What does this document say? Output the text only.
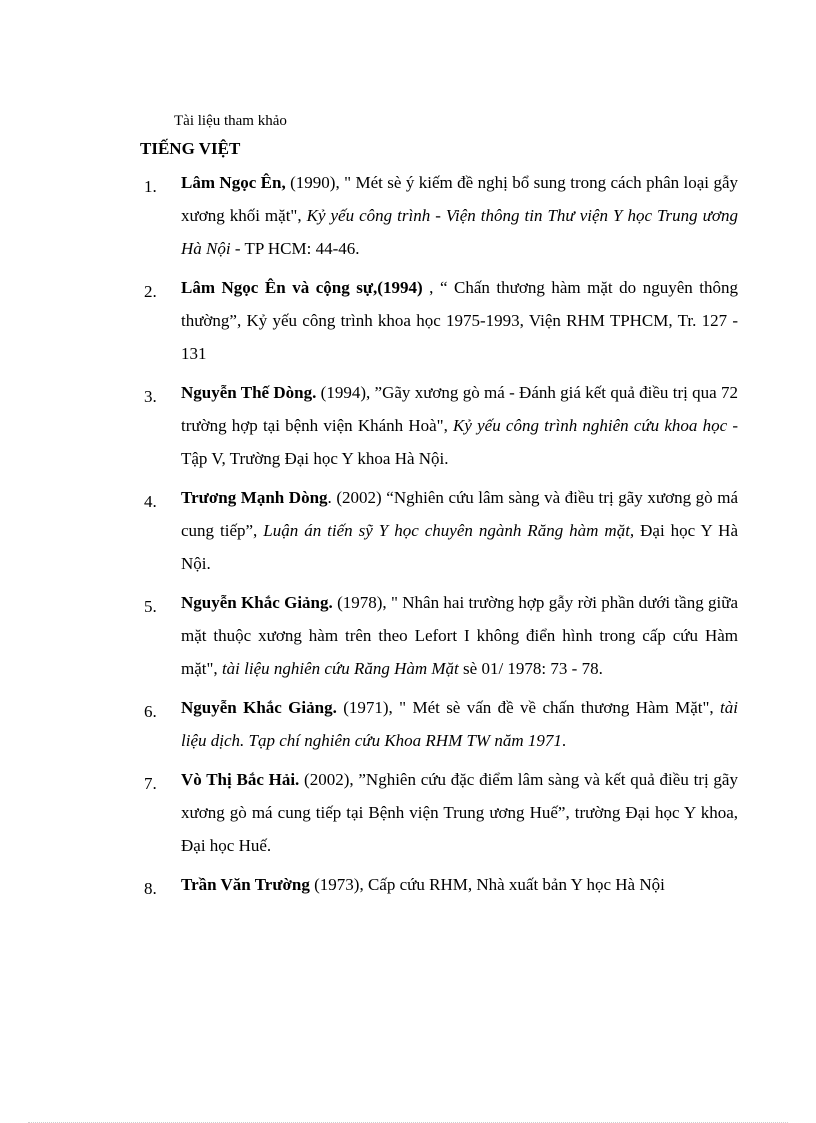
Tài liệu tham khảo
TIẾNG VIỆT
1. Lâm Ngọc Ên, (1990), " Mét sè ý kiếm đề nghị bổ sung trong cách phân loại gẫy xương khối mặt", Kỷ yếu công trình - Viện thông tin Thư viện Y học Trung ương Hà Nội - TP HCM: 44-46.
2. Lâm Ngọc Ên và cộng sự,(1994) , “ Chấn thương hàm mặt do nguyên thông thường”, Kỷ yếu công trình khoa học 1975-1993, Viện RHM TPHCM, Tr. 127 - 131
3. Nguyễn Thế Dòng. (1994), ”Gãy xương gò má - Đánh giá kết quả điều trị qua 72 trường hợp tại bệnh viện Khánh Hoà", Kỷ yếu công trình nghiên cứu khoa học - Tập V, Trường Đại học Y khoa Hà Nội.
4. Trương Mạnh Dòng. (2002) “Nghiên cứu lâm sàng và điều trị gãy xương gò má cung tiếp”, Luận án tiến sỹ Y học chuyên ngành Răng hàm mặt, Đại học Y Hà Nội.
5. Nguyễn Khắc Giảng. (1978), " Nhân hai trường hợp gẫy rời phần dưới tầng giữa mặt thuộc xương hàm trên theo Lefort I không điển hình trong cấp cứu Hàm mặt", tài liệu nghiên cứu Răng Hàm Mặt sè 01/ 1978: 73 - 78.
6. Nguyễn Khắc Giảng. (1971), " Mét sè vấn đề về chấn thương Hàm Mặt", tài liệu dịch. Tạp chí nghiên cứu Khoa RHM TW năm 1971.
7. Vò Thị Bắc Hải. (2002), ”Nghiên cứu đặc điểm lâm sàng và kết quả điều trị gãy xương gò má cung tiếp tại Bệnh viện Trung ương Huế”, trường Đại học Y khoa, Đại học Huế.
8. Trần Văn Trường (1973), Cấp cứu RHM, Nhà xuất bản Y học Hà Nội
